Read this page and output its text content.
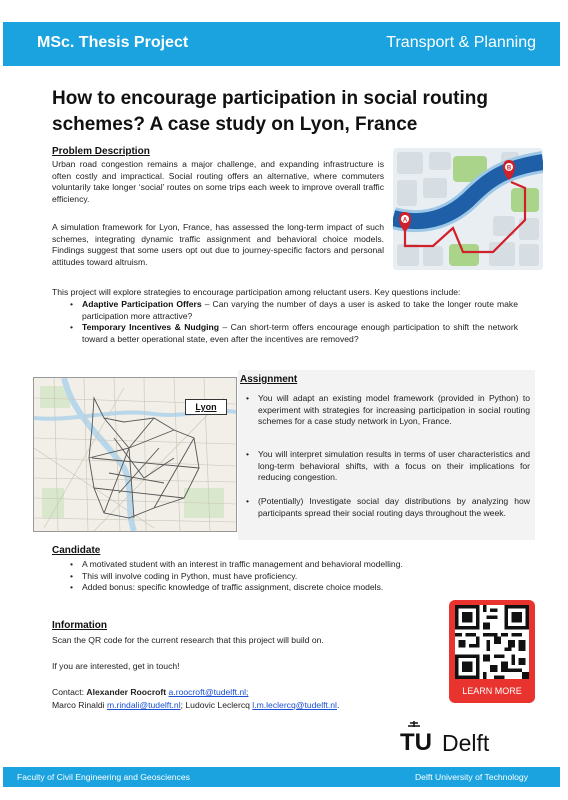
MSc. Thesis Project	Transport & Planning
How to encourage participation in social routing schemes? A case study on Lyon, France
Problem Description
Urban road congestion remains a major challenge, and expanding infrastructure is often costly and impractical. Social routing offers an alternative, where commuters voluntarily take longer ‘social’ routes on some trips each week to improve overall traffic efficiency.
A simulation framework for Lyon, France, has assessed the long-term impact of such schemes, integrating dynamic traffic assignment and behavioral choice models. Findings suggest that some users opt out due to journey-specific factors and personal attitudes toward altruism.
A
B
This project will explore strategies to encourage participation among reluctant users. Key questions include:
• Adaptive Participation Offers – Can varying the number of days a user is asked to take the longer route make participation more attractive?
• Temporary Incentives & Nudging – Can short-term offers encourage enough participation to shift the network toward a better operational state, even after the incentives are removed?
Lyon
Assignment
• You will adapt an existing model framework (provided in Python) to experiment with strategies for increasing participation in social routing schemes for a case study network in Lyon, France.
• You will interpret simulation results in terms of user characteristics and long-term behavioral shifts, with a focus on their implications for reducing congestion.
• (Potentially) Investigate social day distributions by analyzing how participants spread their social routing days throughout the week.
Candidate
• A motivated student with an interest in traffic management and behavioral modelling.
• This will involve coding in Python, must have proficiency.
• Added bonus: specific knowledge of traffic assignment, discrete choice models.
Information
Scan the QR code for the current research that this project will build on.
If you are interested, get in touch!
Contact: Alexander Roocroft a.roocroft@tudelft.nl;
Marco Rinaldi m.rindali@tudelft.nl; Ludovic Leclercq l.m.leclercq@tudelft.nl.
LEARN MORE
TU Delft
Faculty of Civil Engineering and Geosciences	Delft University of Technology
